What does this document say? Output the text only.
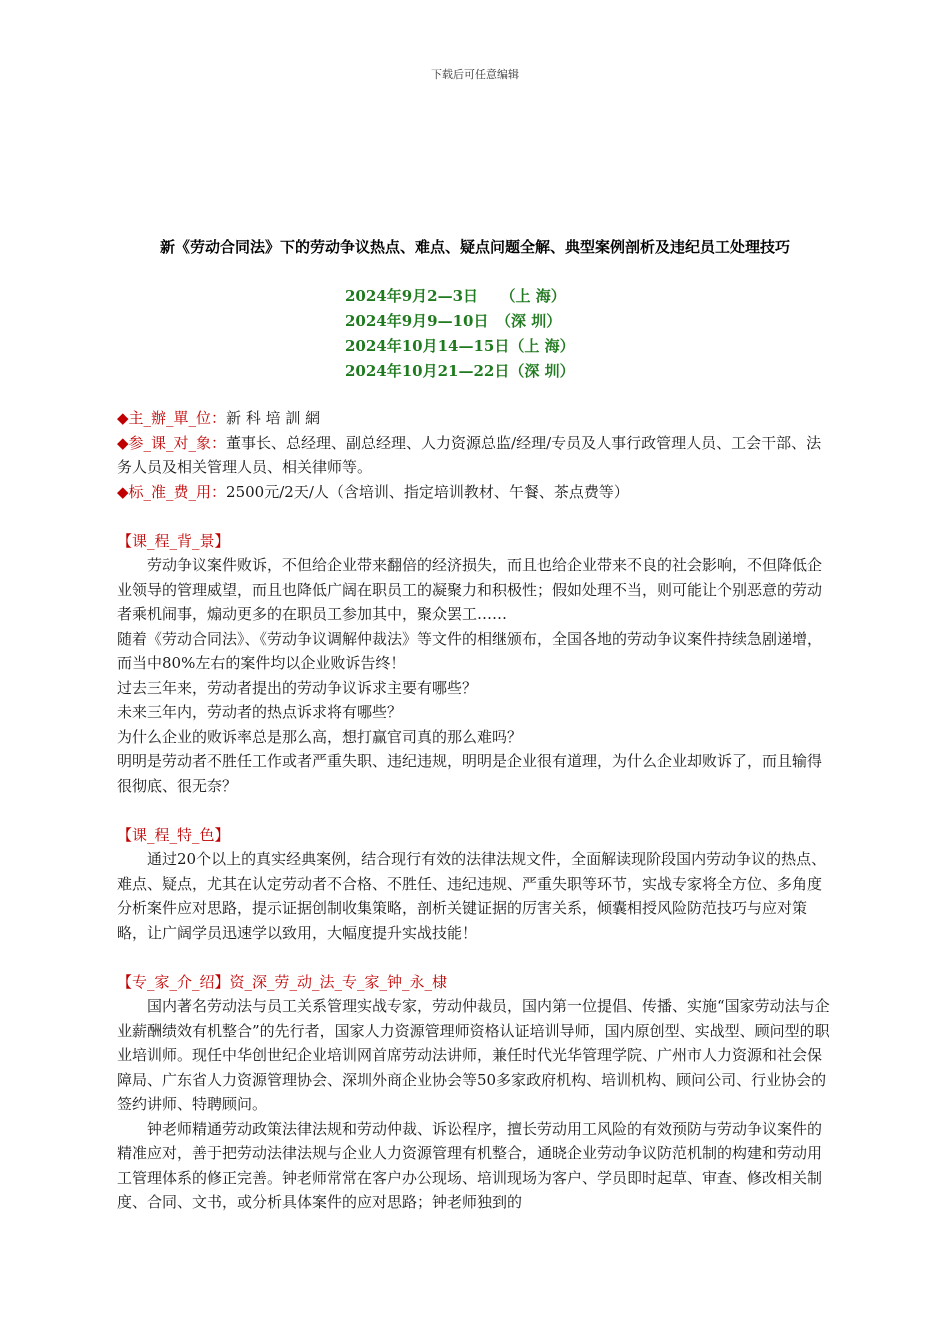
下载后可任意编辑
新《劳动合同法》下的劳动争议热点、难点、疑点问题全解、典型案例剖析及违纪员工处理技巧
2024年9月2—3日　　（上 海）
2024年9月9—10日　（深 圳）
2024年10月14—15日（上 海）
2024年10月21—22日（深 圳）
◆主_辦_單_位：新 科 培 訓 網
◆参_课_对_象：董事长、总经理、副总经理、人力资源总监/经理/专员及人事行政管理人员、工会干部、法务人员及相关管理人员、相关律师等。
◆标_准_费_用：2500元/2天/人（含培训、指定培训教材、午餐、茶点费等）
【课_程_背_景】
劳动争议案件败诉，不但给企业带来翻倍的经济损失，而且也给企业带来不良的社会影响，不但降低企业领导的管理威望，而且也降低广阔在职员工的凝聚力和积极性；假如处理不当，则可能让个别恶意的劳动者乘机闹事，煽动更多的在职员工参加其中，聚众罢工……
随着《劳动合同法》、《劳动争议调解仲裁法》等文件的相继颁布，全国各地的劳动争议案件持续急剧递增，而当中80%左右的案件均以企业败诉告终！
过去三年来，劳动者提出的劳动争议诉求主要有哪些？
未来三年内，劳动者的热点诉求将有哪些？
为什么企业的败诉率总是那么高，想打赢官司真的那么难吗？
明明是劳动者不胜任工作或者严重失职、违纪违规，明明是企业很有道理，为什么企业却败诉了，而且输得很彻底、很无奈？
【课_程_特_色】
通过20个以上的真实经典案例，结合现行有效的法律法规文件，全面解读现阶段国内劳动争议的热点、难点、疑点，尤其在认定劳动者不合格、不胜任、违纪违规、严重失职等环节，实战专家将全方位、多角度分析案件应对思路，提示证据创制收集策略，剖析关键证据的厉害关系，倾囊相授风险防范技巧与应对策略，让广阔学员迅速学以致用，大幅度提升实战技能！
【专_家_介_绍】资_深_劳_动_法_专_家_钟_永_棣
国内著名劳动法与员工关系管理实战专家，劳动仲裁员，国内第一位提倡、传播、实施“国家劳动法与企业薪酬绩效有机整合”的先行者，国家人力资源管理师资格认证培训导师，国内原创型、实战型、顾问型的职业培训师。现任中华创世纪企业培训网首席劳动法讲师，兼任时代光华管理学院、广州市人力资源和社会保障局、广东省人力资源管理协会、深圳外商企业协会等50多家政府机构、培训机构、顾问公司、行业协会的签约讲师、特聘顾问。
钟老师精通劳动政策法律法规和劳动仲裁、诉讼程序，擅长劳动用工风险的有效预防与劳动争议案件的精准应对，善于把劳动法律法规与企业人力资源管理有机整合，通晓企业劳动争议防范机制的构建和劳动用工管理体系的修正完善。钟老师常常在客户办公现场、培训现场为客户、学员即时起草、审查、修改相关制度、合同、文书，或分析具体案件的应对思路；钟老师独到的
